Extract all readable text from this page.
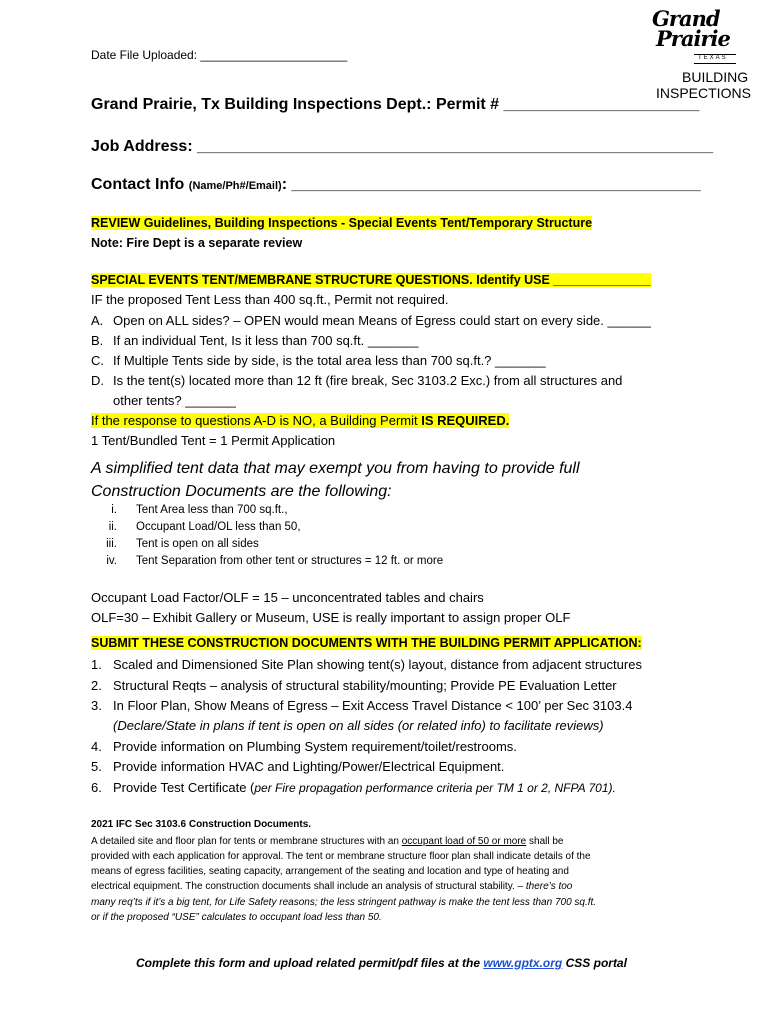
Date File Uploaded: ______________________
Grand
Prairie
TEXAS
BUILDING
INSPECTIONS
Grand Prairie, Tx Building Inspections Dept.: Permit # ______________________
Job Address: __________________________________________________________
Contact Info (Name/Ph#/Email): ______________________________________________
REVIEW Guidelines, Building Inspections - Special Events Tent/Temporary Structure
Note: Fire Dept is a separate review
SPECIAL EVENTS TENT/MEMBRANE STRUCTURE QUESTIONS. Identify USE ______________
IF the proposed Tent Less than 400 sq.ft., Permit not required.
A. Open on ALL sides? – OPEN would mean Means of Egress could start on every side. ______
B. If an individual Tent, Is it less than 700 sq.ft. _______
C. If Multiple Tents side by side, is the total area less than 700 sq.ft.? _______
D. Is the tent(s) located more than 12 ft (fire break, Sec 3103.2 Exc.) from all structures and
other tents? _______
If the response to questions A-D is NO, a Building Permit IS REQUIRED.
1 Tent/Bundled Tent = 1 Permit Application
A simplified tent data that may exempt you from having to provide full
Construction Documents are the following:
i. Tent Area less than 700 sq.ft.,
ii. Occupant Load/OL less than 50,
iii. Tent is open on all sides
iv. Tent Separation from other tent or structures = 12 ft. or more
Occupant Load Factor/OLF = 15 – unconcentrated tables and chairs
OLF=30 – Exhibit Gallery or Museum, USE is really important to assign proper OLF
SUBMIT THESE CONSTRUCTION DOCUMENTS WITH THE BUILDING PERMIT APPLICATION:
1. Scaled and Dimensioned Site Plan showing tent(s) layout, distance from adjacent structures
2. Structural Reqts – analysis of structural stability/mounting; Provide PE Evaluation Letter
3. In Floor Plan, Show Means of Egress – Exit Access Travel Distance < 100’ per Sec 3103.4
(Declare/State in plans if tent is open on all sides (or related info) to facilitate reviews)
4. Provide information on Plumbing System requirement/toilet/restrooms.
5. Provide information HVAC and Lighting/Power/Electrical Equipment.
6. Provide Test Certificate (per Fire propagation performance criteria per TM 1 or 2, NFPA 701).
2021 IFC Sec 3103.6 Construction Documents.
A detailed site and floor plan for tents or membrane structures with an occupant load of 50 or more shall be
provided with each application for approval. The tent or membrane structure floor plan shall indicate details of the
means of egress facilities, seating capacity, arrangement of the seating and location and type of heating and
electrical equipment. The construction documents shall include an analysis of structural stability. – there’s too
many req’ts if it’s a big tent, for Life Safety reasons; the less stringent pathway is make the tent less than 700 sq.ft.
or if the proposed “USE” calculates to occupant load less than 50.
Complete this form and upload related permit/pdf files at the www.gptx.org CSS portal
